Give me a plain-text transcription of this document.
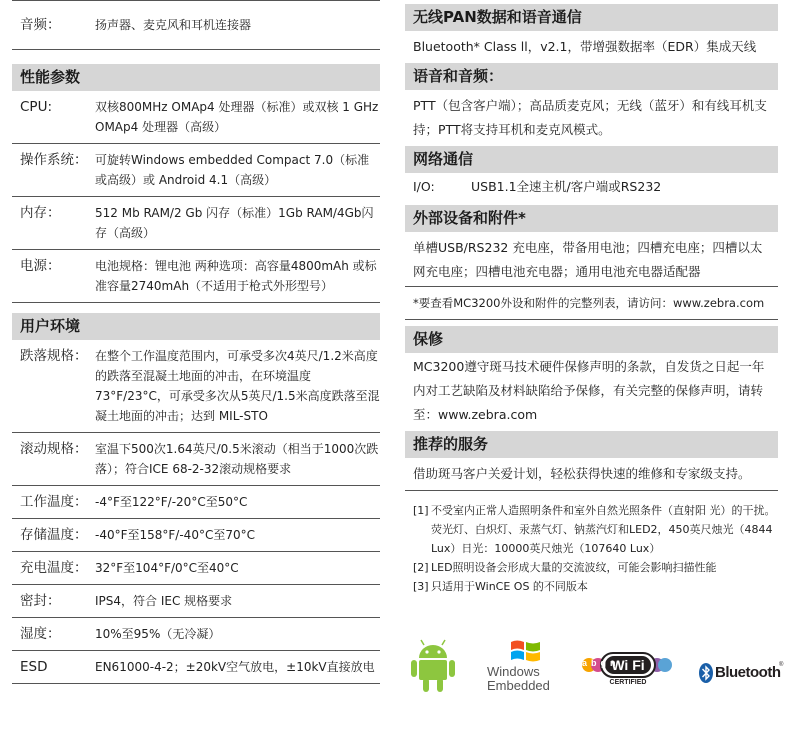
音频：	扬声器、麦克风和耳机连接器
性能参数
CPU:	双核800MHz OMAp4 处理器（标准）或双核 1 GHz OMAp4 处理器（高级）
操作系统： 可旋转Windows embedded Compact 7.0（标准或高级）或 Android 4.1（高级）
内存：	512 Mb RAM/2 Gb 闪存（标准）1Gb RAM/4Gb闪存（高级）
电源：	电池规格：锂电池 两种选项：高容量4800mAh 或标准容量2740mAh（不适用于枪式外形型号）
用户环境
跌落规格： 在整个工作温度范围内，可承受多次4英尺/1.2米高度的跌落至混凝土地面的冲击，在环境温度73°F/23°C，可承受多次从5英尺/1.5米高度跌落至混凝土地面的冲击；达到 MIL-STO
滚动规格： 室温下500次1.64英尺/0.5米滚动（相当于1000次跌落）；符合ICE 68-2-32滚动规格要求
工作温度： -4°F至122°F/-20°C至50°C
存储温度： -40°F至158°F/-40°C至70°C
充电温度： 32°F至104°F/0°C至40°C
密封：	IPS4，符合 IEC 规格要求
湿度：	10%至95%（无冷凝）
ESD	EN61000-4-2；±20kV空气放电，±10kV直接放电
无线PAN数据和语音通信
Bluetooth* Class ll，v2.1，带增强数据率（EDR）集成天线
语音和音频：
PTT（包含客户端）；高品质麦克风；无线（蓝牙）和有线耳机支持；PTT将支持耳机和麦克风模式。
网络通信
I/O:	USB1.1全速主机/客户端或RS232
外部设备和附件*
单槽USB/RS232 充电座，带备用电池；四槽充电座；四槽以太网充电座；四槽电池充电器；通用电池充电器适配器
*要查看MC3200外设和附件的完整列表，请访问：www.zebra.com
保修
MC3200遵守斑马技术硬件保修声明的条款，自发货之日起一年内对工艺缺陷及材料缺陷给予保修，有关完整的保修声明，请转至：www.zebra.com
推荐的服务
借助斑马客户关爱计划，轻松获得快速的维修和专家级支持。
[1] 不受室内正常人造照明条件和室外自然光照条件（直射阳 光）的干扰。荧光灯、白炽灯、汞蒸气灯、钠蒸汽灯和LED2，450英尺烛光（4844 Lux）日光：10000英尺烛光（107640 Lux）
[2] LED照明设备会形成大量的交流波纹，可能会影响扫描性能
[3] 只适用于WinCE OS 的不同版本
Windows
Embedded
abgn
Wi Fi
CERTIFIED
Bluetooth
®
